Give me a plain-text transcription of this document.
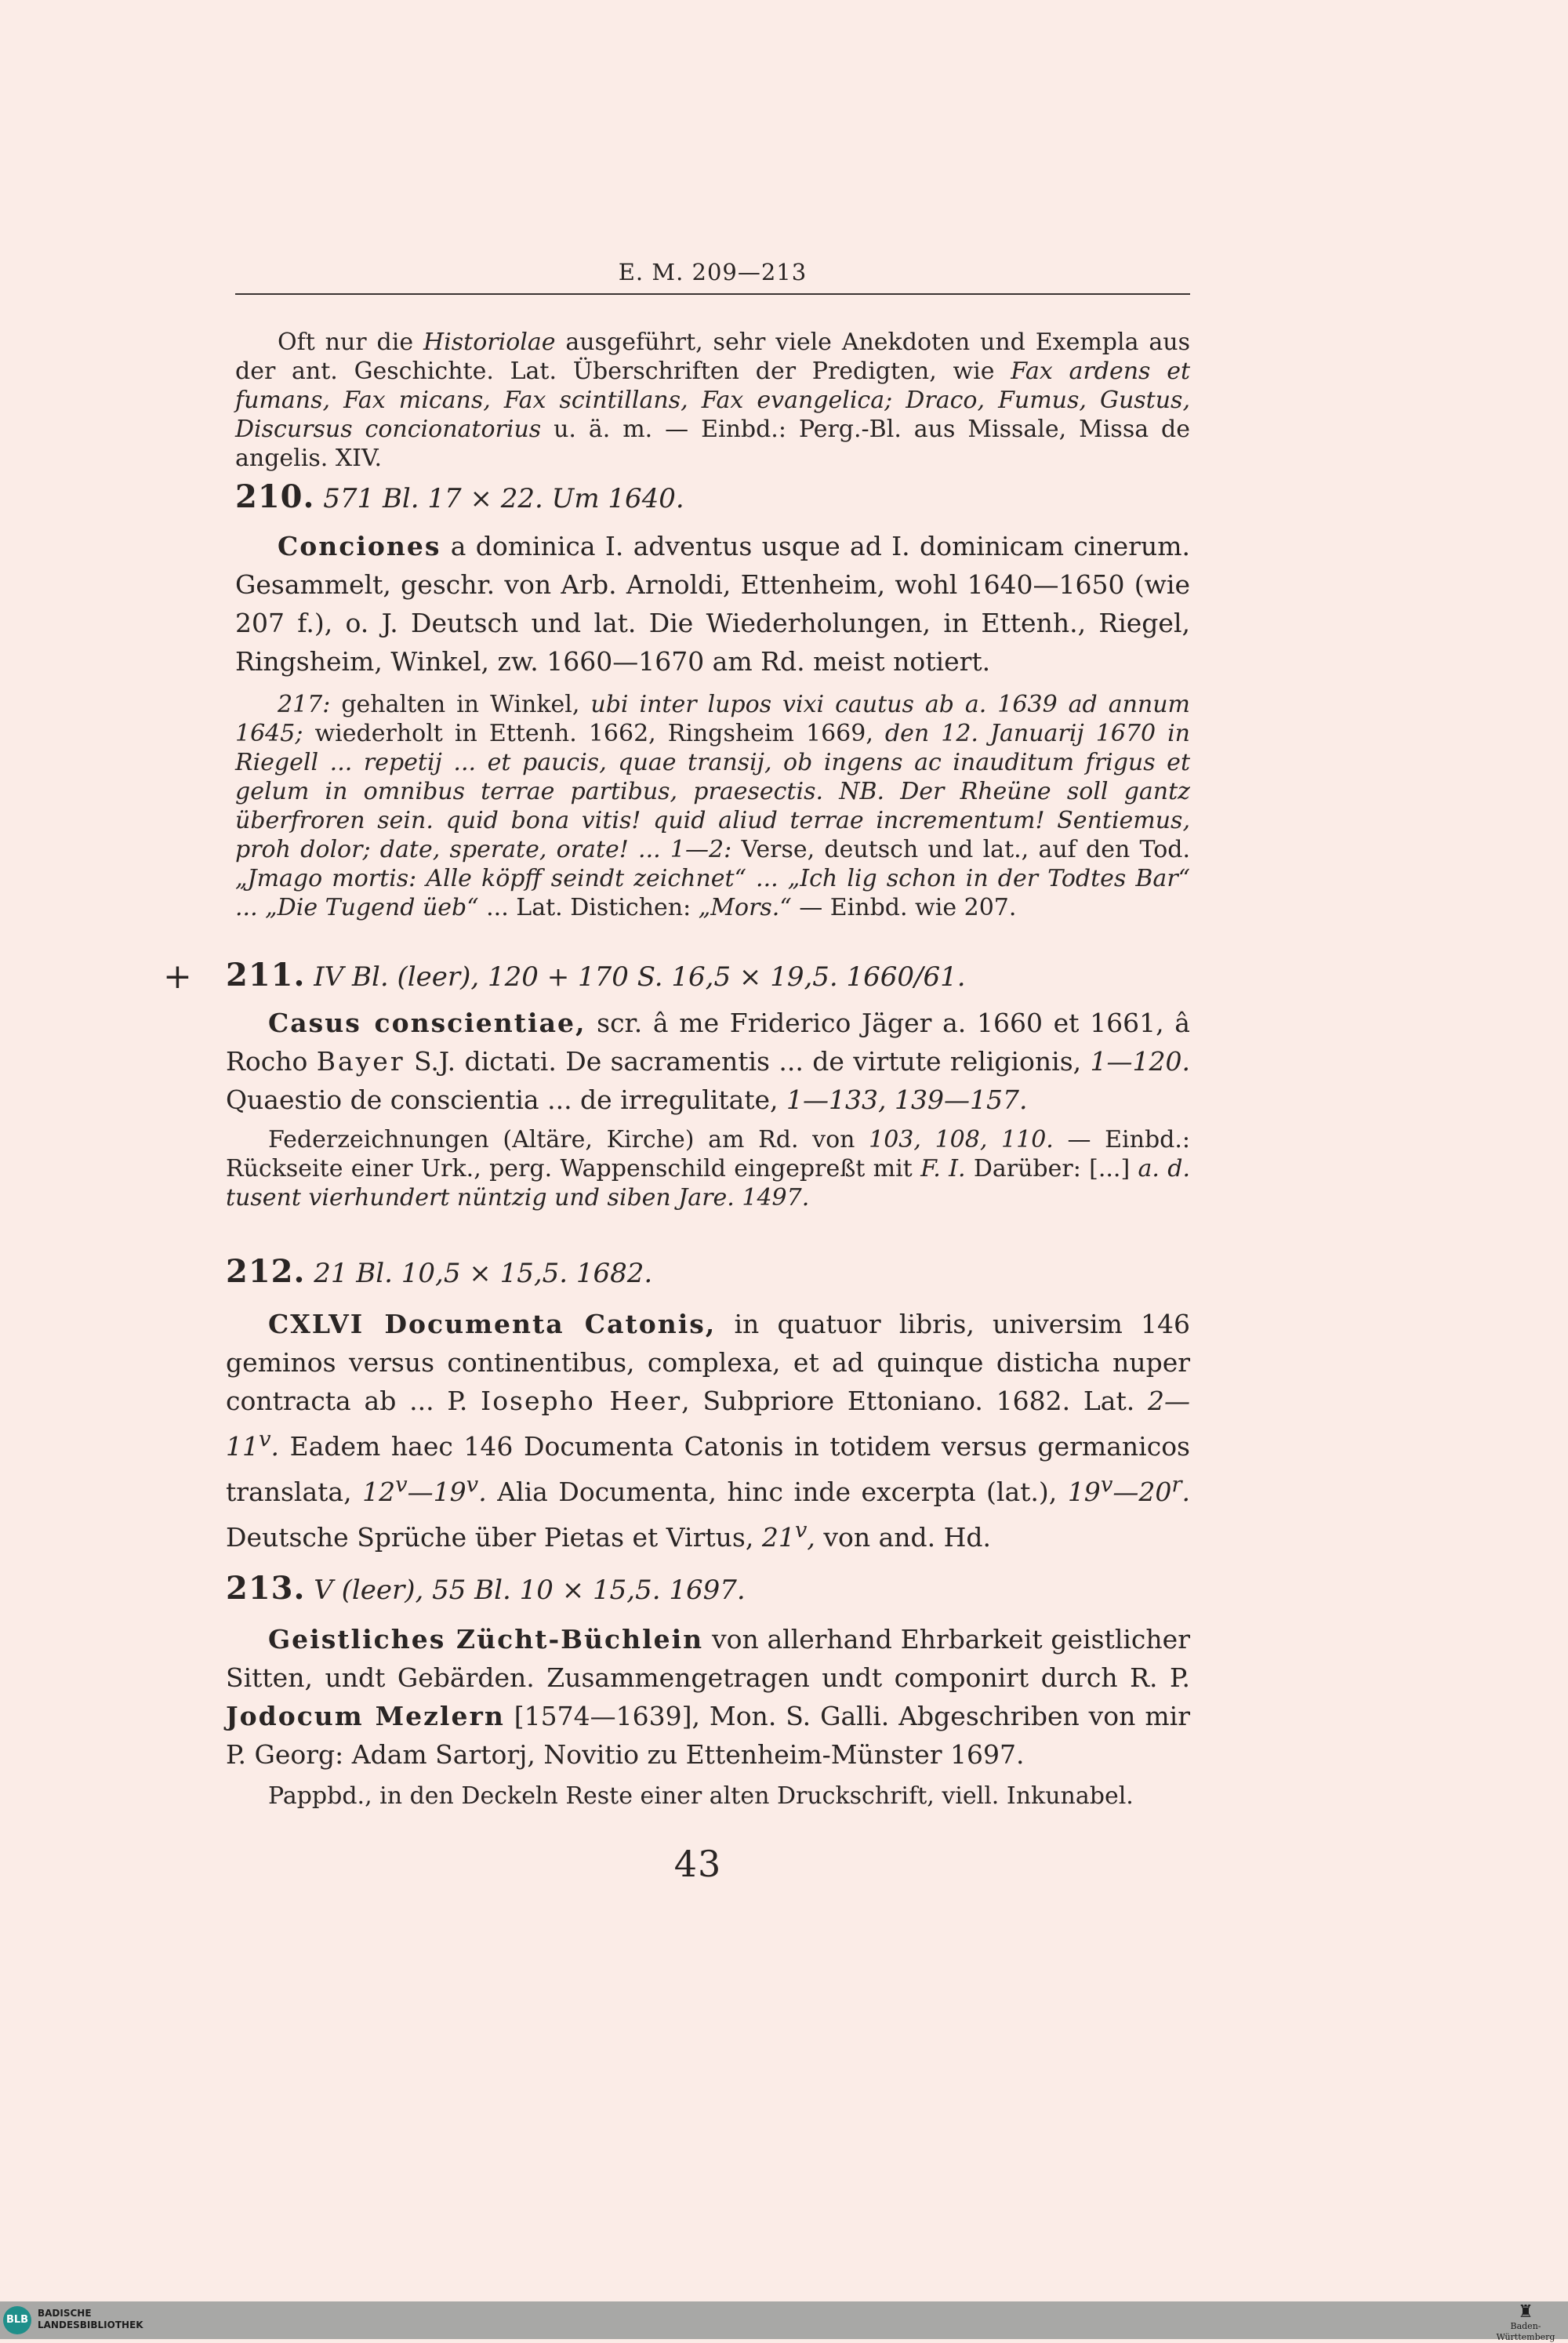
E. M. 209—213

Oft nur die Historiolae ausgeführt, sehr viele Anekdoten und Exempla aus der ant. Geschichte. Lat. Überschriften der Predigten, wie Fax ardens et fumans, Fax micans, Fax scintillans, Fax evangelica; Draco, Fumus, Gustus, Discursus concionatorius u. ä. m. — Einbd.: Perg.-Bl. aus Missale, Missa de angelis. XIV.

210. 571 Bl. 17 × 22. Um 1640.

Conciones a dominica I. adventus usque ad I. dominicam cinerum. Gesammelt, geschr. von Arb. Arnoldi, Ettenheim, wohl 1640—1650 (wie 207 f.), o. J. Deutsch und lat. Die Wiederholungen, in Ettenh., Riegel, Ringsheim, Winkel, zw. 1660—1670 am Rd. meist notiert.

217: gehalten in Winkel, ubi inter lupos vixi cautus ab a. 1639 ad annum 1645; wiederholt in Ettenh. 1662, Ringsheim 1669, den 12. Januarij 1670 in Riegell ... repetij ... et paucis, quae transij, ob ingens ac inauditum frigus et gelum in omnibus terrae partibus, praesectis. NB. Der Rheüne soll gantz überfroren sein. quid bona vitis! quid aliud terrae incrementum! Sentiemus, proh dolor; date, sperate, orate! ... 1—2: Verse, deutsch und lat., auf den Tod. „Jmago mortis: Alle köpff seindt zeichnet“ ... „Ich lig schon in der Todtes Bar“ ... „Die Tugend üeb“ ... Lat. Distichen: „Mors.“ — Einbd. wie 207.

+ 211. IV Bl. (leer), 120 + 170 S. 16,5 × 19,5. 1660/61.

Casus conscientiae, scr. â me Friderico Jäger a. 1660 et 1661, â Rocho Bayer S.J. dictati. De sacramentis ... de virtute religionis, 1—120. Quaestio de conscientia ... de irregulitate, 1—133, 139—157.

Federzeichnungen (Altäre, Kirche) am Rd. von 103, 108, 110. — Einbd.: Rückseite einer Urk., perg. Wappenschild eingepreßt mit F. I. Darüber: [...] a. d. tusent vierhundert nüntzig und siben Jare. 1497.

212. 21 Bl. 10,5 × 15,5. 1682.

CXLVI Documenta Catonis, in quatuor libris, universim 146 geminos versus continentibus, complexa, et ad quinque disticha nuper contracta ab ... P. Iosepho Heer, Subpriore Ettoniano. 1682. Lat. 2—11$^v$. Eadem haec 146 Documenta Catonis in totidem versus germanicos translata, 12$^v$—19$^v$. Alia Documenta, hinc inde excerpta (lat.), 19$^v$—20$^r$. Deutsche Sprüche über Pietas et Virtus, 21$^v$, von and. Hd.

213. V (leer), 55 Bl. 10 × 15,5. 1697.

Geistliches Zücht-Büchlein von allerhand Ehrbarkeit geistlicher Sitten, undt Gebärden. Zusammengetragen undt componirt durch R. P. Jodocum Mezlern [1574—1639], Mon. S. Galli. Abgeschriben von mir P. Georg: Adam Sartorj, Novitio zu Ettenheim-Münster 1697.

Pappbd., in den Deckeln Reste einer alten Druckschrift, viell. Inkunabel.

43
BLB
BADISCHE
LANDESBIBLIOTHEK
♜
Baden-Württemberg
